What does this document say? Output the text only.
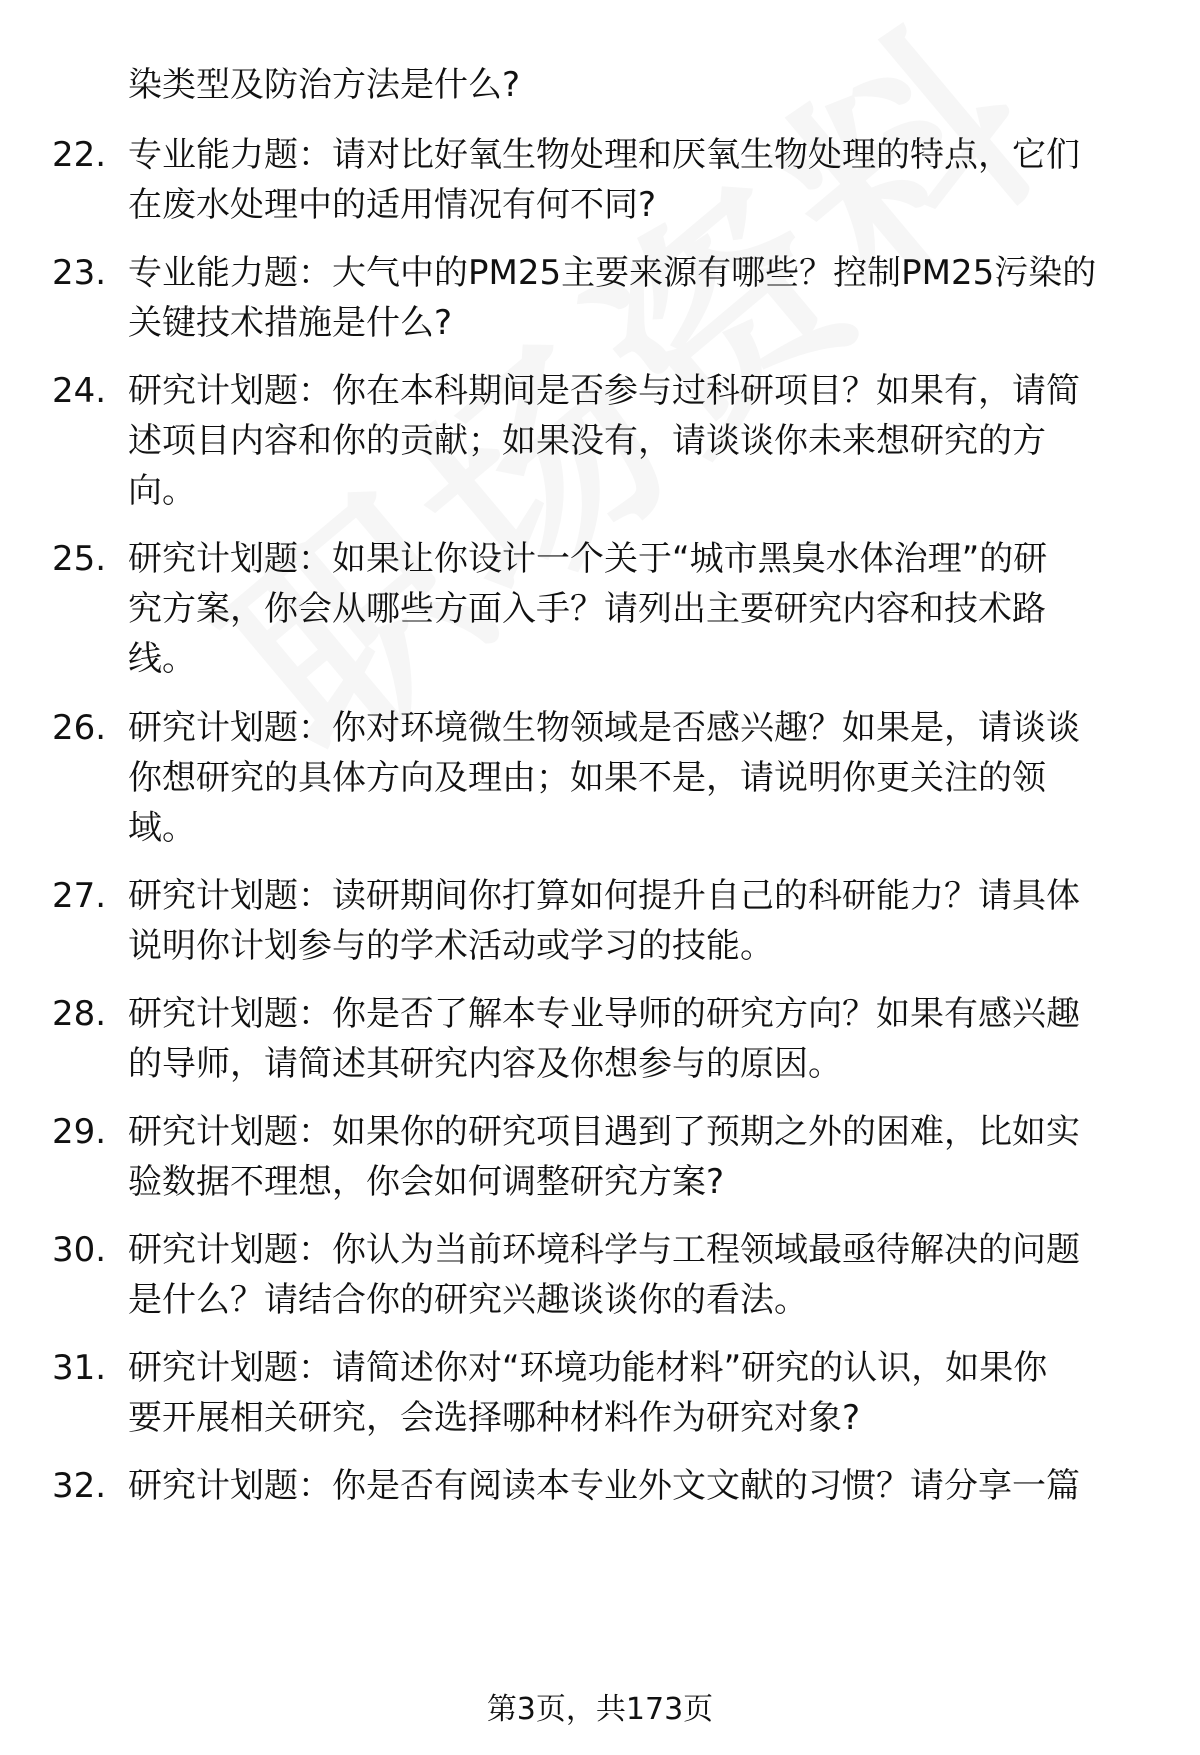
染类型及防治方法是什么?

22. 专业能力题：请对比好氧生物处理和厌氧生物处理的特点，它们
在废水处理中的适用情况有何不同?
23. 专业能力题：大气中的PM25主要来源有哪些？控制PM25污染的
关键技术措施是什么?
24. 研究计划题：你在本科期间是否参与过科研项目？如果有，请简
述项目内容和你的贡献；如果没有，请谈谈你未来想研究的方
向。
25. 研究计划题：如果让你设计一个关于“城市黑臭水体治理”的研
究方案，你会从哪些方面入手？请列出主要研究内容和技术路
线。
26. 研究计划题：你对环境微生物领域是否感兴趣？如果是，请谈谈
你想研究的具体方向及理由；如果不是，请说明你更关注的领
域。
27. 研究计划题：读研期间你打算如何提升自己的科研能力？请具体
说明你计划参与的学术活动或学习的技能。
28. 研究计划题：你是否了解本专业导师的研究方向？如果有感兴趣
的导师，请简述其研究内容及你想参与的原因。
29. 研究计划题：如果你的研究项目遇到了预期之外的困难，比如实
验数据不理想，你会如何调整研究方案?
30. 研究计划题：你认为当前环境科学与工程领域最亟待解决的问题
是什么？请结合你的研究兴趣谈谈你的看法。
31. 研究计划题：请简述你对“环境功能材料”研究的认识，如果你
要开展相关研究，会选择哪种材料作为研究对象?
32. 研究计划题：你是否有阅读本专业外文文献的习惯？请分享一篇
第3页，共173页
